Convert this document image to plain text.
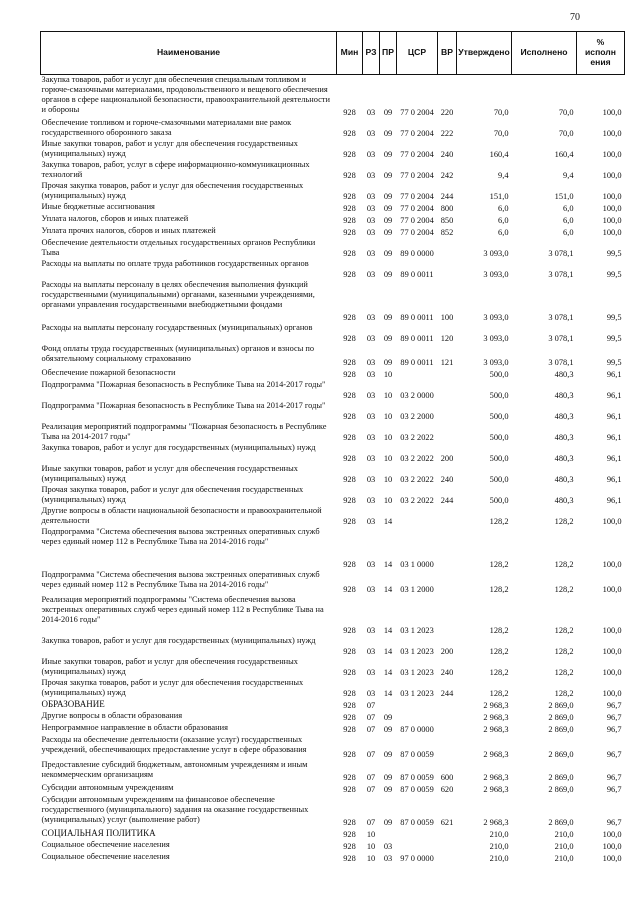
70
Наименование	Мин	РЗ	ПР	ЦСР	ВР	Утверждено	Исполнено	%
исполн
ения

Закупка товаров, работ и услуг для обеспечения специальным топливом и горюче-смазочными материалами, продовольственного и вещевого обеспечения органов в сфере национальной безопасности, правоохранительной деятельности и обороны	928	03	09	77 0 2004	220	70,0	70,0	100,0
Обеспечение топливом и горюче-смазочными материалами вне рамок государственного оборонного заказа	928	03	09	77 0 2004	222	70,0	70,0	100,0
Иные закупки товаров, работ и услуг для обеспечения государственных (муниципальных) нужд	928	03	09	77 0 2004	240	160,4	160,4	100,0
Закупка товаров, работ, услуг в сфере информационно-коммуникационных технологий	928	03	09	77 0 2004	242	9,4	9,4	100,0
Прочая закупка товаров, работ и услуг для обеспечения государственных (муниципальных) нужд	928	03	09	77 0 2004	244	151,0	151,0	100,0
Иные бюджетные ассигнования	928	03	09	77 0 2004	800	6,0	6,0	100,0
Уплата налогов, сборов и иных платежей	928	03	09	77 0 2004	850	6,0	6,0	100,0
Уплата прочих налогов, сборов и иных платежей	928	03	09	77 0 2004	852	6,0	6,0	100,0
Обеспечение деятельности отдельных государственных органов Республики Тыва	928	03	09	89 0 0000		3 093,0	3 078,1	99,5
Расходы на выплаты по оплате труда работников государственных органов	928	03	09	89 0 0011		3 093,0	3 078,1	99,5
Расходы на выплаты персоналу в целях обеспечения выполнения функций государственными (муниципальными) органами, казенными учреждениями, органами управления государственными внебюджетными фондами	928	03	09	89 0 0011	100	3 093,0	3 078,1	99,5
Расходы на выплаты персоналу государственных (муниципальных) органов	928	03	09	89 0 0011	120	3 093,0	3 078,1	99,5
Фонд оплаты труда государственных (муниципальных) органов и взносы по обязательному социальному страхованию	928	03	09	89 0 0011	121	3 093,0	3 078,1	99,5
Обеспечение пожарной безопасности	928	03	10			500,0	480,3	96,1
Подпрограмма "Пожарная безопасность в Республике Тыва на 2014-2017 годы"	928	03	10	03 2 0000		500,0	480,3	96,1
Подпрограмма "Пожарная безопасность в Республике Тыва на 2014-2017 годы"	928	03	10	03 2 2000		500,0	480,3	96,1
Реализация мероприятий подпрограммы "Пожарная безопасность в Республике Тыва на 2014-2017 годы"	928	03	10	03 2 2022		500,0	480,3	96,1
Закупка товаров, работ и услуг для государственных (муниципальных) нужд	928	03	10	03 2 2022	200	500,0	480,3	96,1
Иные закупки товаров, работ и услуг для обеспечения государственных (муниципальных) нужд	928	03	10	03 2 2022	240	500,0	480,3	96,1
Прочая закупка товаров, работ и услуг для обеспечения государственных (муниципальных) нужд	928	03	10	03 2 2022	244	500,0	480,3	96,1
Другие вопросы в области национальной безопасности и правоохранительной деятельности	928	03	14			128,2	128,2	100,0
Подпрограмма "Система обеспечения вызова экстренных оперативных служб через единый номер 112 в Республике Тыва на 2014-2016 годы"	928	03	14	03 1 0000		128,2	128,2	100,0
Подпрограмма "Система обеспечения вызова экстренных оперативных служб через единый номер 112 в Республике Тыва на 2014-2016 годы"	928	03	14	03 1 2000		128,2	128,2	100,0
Реализация мероприятий подпрограммы "Система обеспечения вызова экстренных оперативных служб через единый номер 112 в Республике Тыва на 2014-2016 годы"	928	03	14	03 1 2023		128,2	128,2	100,0
Закупка товаров, работ и услуг для государственных (муниципальных) нужд	928	03	14	03 1 2023	200	128,2	128,2	100,0
Иные закупки товаров, работ и услуг для обеспечения государственных (муниципальных) нужд	928	03	14	03 1 2023	240	128,2	128,2	100,0
Прочая закупка товаров, работ и услуг для обеспечения государственных (муниципальных) нужд	928	03	14	03 1 2023	244	128,2	128,2	100,0
ОБРАЗОВАНИЕ	928	07				2 968,3	2 869,0	96,7
Другие вопросы в области образования	928	07	09			2 968,3	2 869,0	96,7
Непрограммное направление в области образования	928	07	09	87 0 0000		2 968,3	2 869,0	96,7
Расходы на обеспечение деятельности (оказание услуг) государственных учреждений, обеспечивающих предоставление услуг в сфере образования	928	07	09	87 0 0059		2 968,3	2 869,0	96,7
Предоставление субсидий бюджетным, автономным учреждениям и иным некоммерческим организациям	928	07	09	87 0 0059	600	2 968,3	2 869,0	96,7
Субсидии автономным учреждениям	928	07	09	87 0 0059	620	2 968,3	2 869,0	96,7
Субсидии автономным учреждениям на финансовое обеспечение государственного (муниципального) задания на оказание государственных (муниципальных) услуг (выполнение работ)	928	07	09	87 0 0059	621	2 968,3	2 869,0	96,7
СОЦИАЛЬНАЯ ПОЛИТИКА	928	10				210,0	210,0	100,0
Социальное обеспечение населения	928	10	03			210,0	210,0	100,0
Социальное обеспечение населения	928	10	03	97 0 0000		210,0	210,0	100,0
